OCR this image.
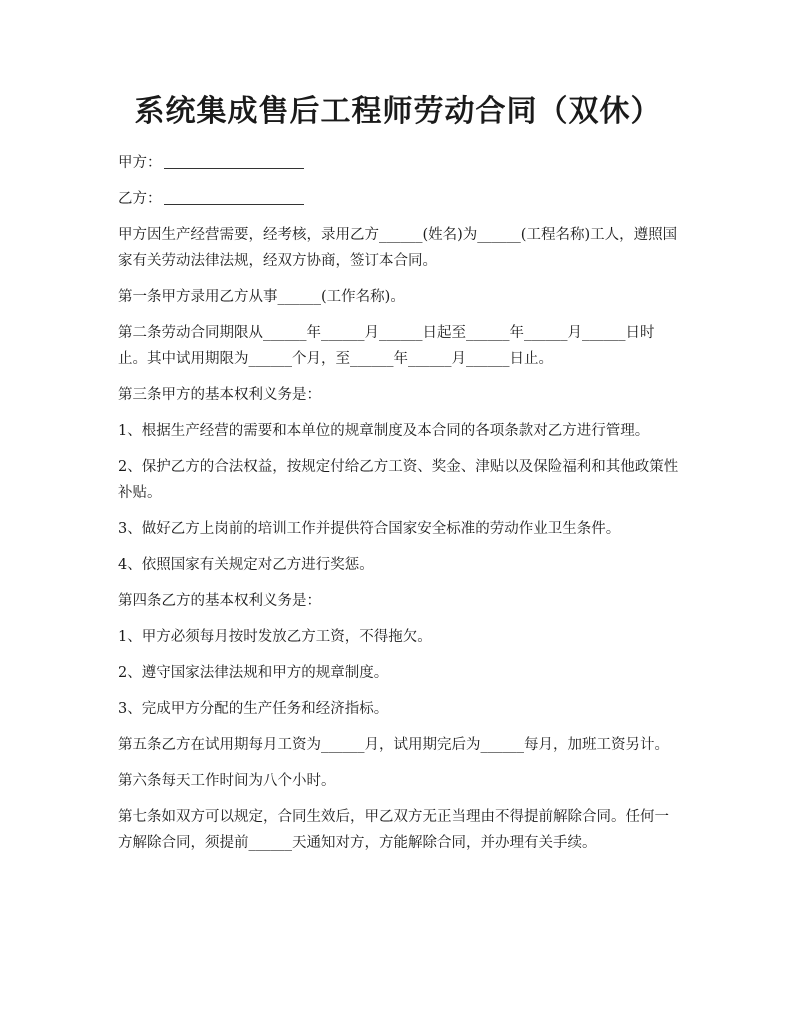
系统集成售后工程师劳动合同（双休）
甲方：
乙方：

甲方因生产经营需要，经考核，录用乙方______(姓名)为______(工程名称)工人，遵照国家有关劳动法律法规，经双方协商，签订本合同。

第一条甲方录用乙方从事______(工作名称)。

第二条劳动合同期限从______年______月______日起至______年______月______日时止。其中试用期限为______个月，至______年______月______日止。

第三条甲方的基本权利义务是：

1、根据生产经营的需要和本单位的规章制度及本合同的各项条款对乙方进行管理。

2、保护乙方的合法权益，按规定付给乙方工资、奖金、津贴以及保险福利和其他政策性补贴。

3、做好乙方上岗前的培训工作并提供符合国家安全标准的劳动作业卫生条件。

4、依照国家有关规定对乙方进行奖惩。

第四条乙方的基本权利义务是：

1、甲方必须每月按时发放乙方工资，不得拖欠。

2、遵守国家法律法规和甲方的规章制度。

3、完成甲方分配的生产任务和经济指标。

第五条乙方在试用期每月工资为______月，试用期完后为______每月，加班工资另计。

第六条每天工作时间为八个小时。

第七条如双方可以规定，合同生效后，甲乙双方无正当理由不得提前解除合同。任何一方解除合同，须提前______天通知对方，方能解除合同，并办理有关手续。
